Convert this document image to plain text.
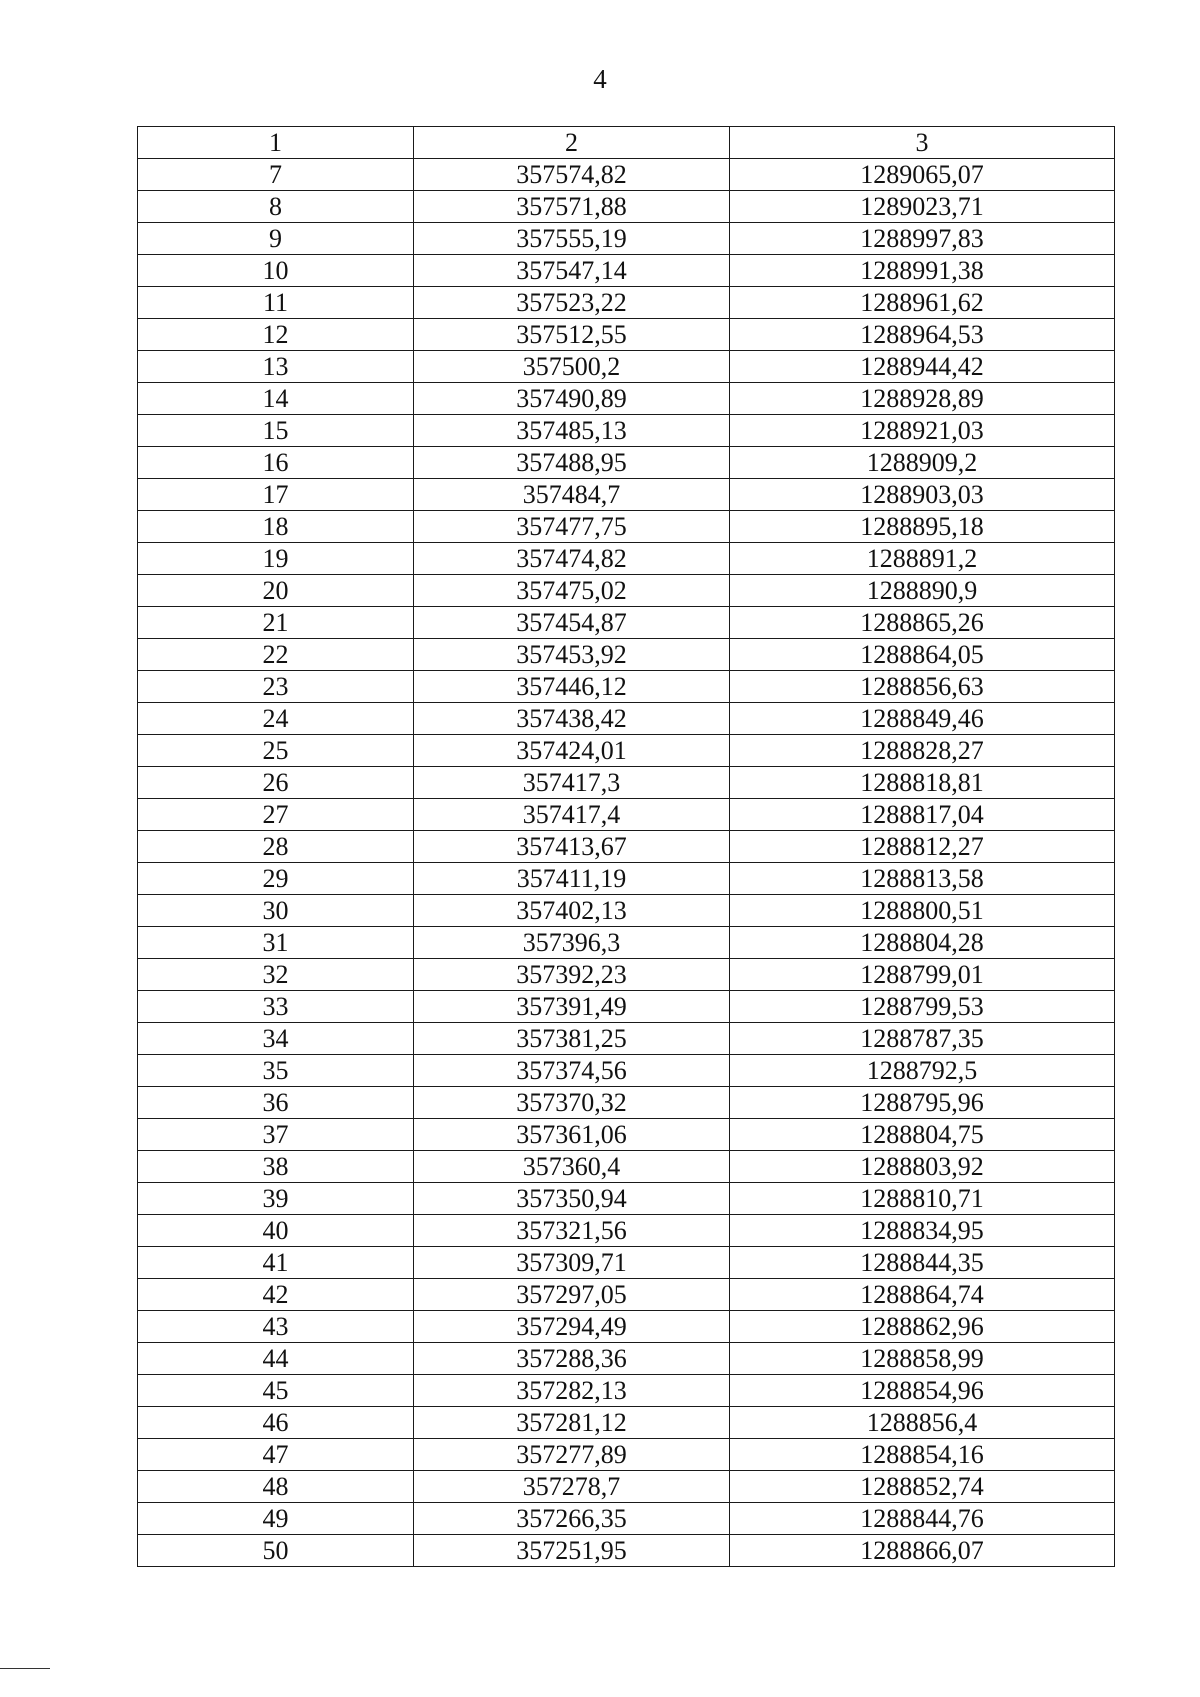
4
1	2	3
7	357574,82	1289065,07
8	357571,88	1289023,71
9	357555,19	1288997,83
10	357547,14	1288991,38
11	357523,22	1288961,62
12	357512,55	1288964,53
13	357500,2	1288944,42
14	357490,89	1288928,89
15	357485,13	1288921,03
16	357488,95	1288909,2
17	357484,7	1288903,03
18	357477,75	1288895,18
19	357474,82	1288891,2
20	357475,02	1288890,9
21	357454,87	1288865,26
22	357453,92	1288864,05
23	357446,12	1288856,63
24	357438,42	1288849,46
25	357424,01	1288828,27
26	357417,3	1288818,81
27	357417,4	1288817,04
28	357413,67	1288812,27
29	357411,19	1288813,58
30	357402,13	1288800,51
31	357396,3	1288804,28
32	357392,23	1288799,01
33	357391,49	1288799,53
34	357381,25	1288787,35
35	357374,56	1288792,5
36	357370,32	1288795,96
37	357361,06	1288804,75
38	357360,4	1288803,92
39	357350,94	1288810,71
40	357321,56	1288834,95
41	357309,71	1288844,35
42	357297,05	1288864,74
43	357294,49	1288862,96
44	357288,36	1288858,99
45	357282,13	1288854,96
46	357281,12	1288856,4
47	357277,89	1288854,16
48	357278,7	1288852,74
49	357266,35	1288844,76
50	357251,95	1288866,07
